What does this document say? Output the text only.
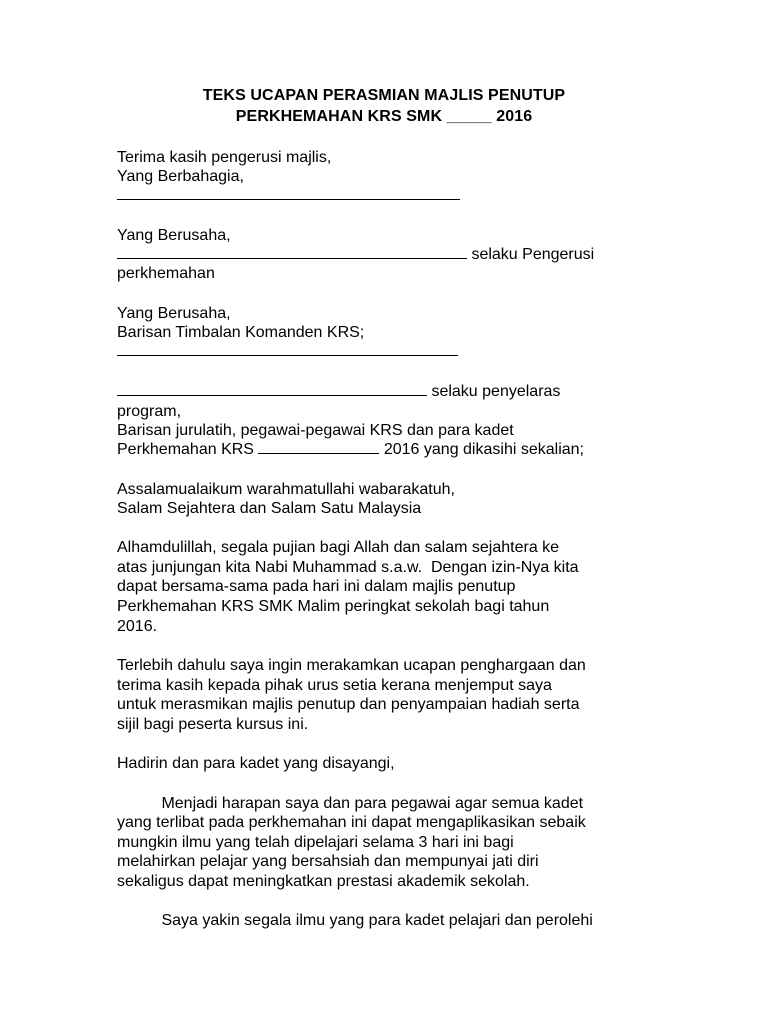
TEKS UCAPAN PERASMIAN MAJLIS PENUTUP
PERKHEMAHAN KRS SMK _____ 2016
Terima kasih pengerusi majlis,
Yang Berbahagia,
Yang Berusaha,
selaku Pengerusi
perkhemahan
Yang Berusaha,
Barisan Timbalan Komanden KRS;
selaku penyelaras
program,
Barisan jurulatih, pegawai-pegawai KRS dan para kadet
Perkhemahan KRS	2016 yang dikasihi sekalian;
Assalamualaikum warahmatullahi wabarakatuh,
Salam Sejahtera dan Salam Satu Malaysia
Alhamdulillah, segala pujian bagi Allah dan salam sejahtera ke
atas junjungan kita Nabi Muhammad s.a.w.  Dengan izin-Nya kita
dapat bersama-sama pada hari ini dalam majlis penutup
Perkhemahan KRS SMK Malim peringkat sekolah bagi tahun
2016.
Terlebih dahulu saya ingin merakamkan ucapan penghargaan dan
terima kasih kepada pihak urus setia kerana menjemput saya
untuk merasmikan majlis penutup dan penyampaian hadiah serta
sijil bagi peserta kursus ini.
Hadirin dan para kadet yang disayangi,
Menjadi harapan saya dan para pegawai agar semua kadet
yang terlibat pada perkhemahan ini dapat mengaplikasikan sebaik
mungkin ilmu yang telah dipelajari selama 3 hari ini bagi
melahirkan pelajar yang bersahsiah dan mempunyai jati diri
sekaligus dapat meningkatkan prestasi akademik sekolah.
Saya yakin segala ilmu yang para kadet pelajari dan perolehi
